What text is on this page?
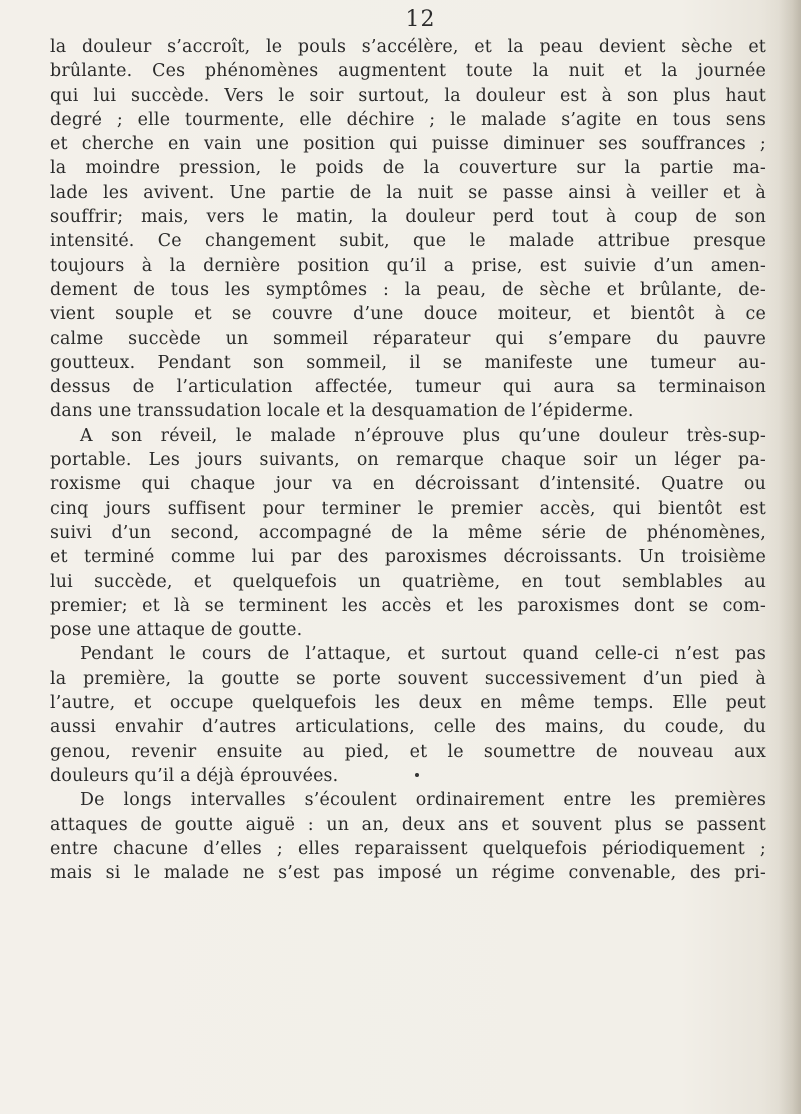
12
la douleur s’accroît, le pouls s’accélère, et la peau devient sèche et
brûlante. Ces phénomènes augmentent toute la nuit et la journée
qui lui succède. Vers le soir surtout, la douleur est à son plus haut
degré ; elle tourmente, elle déchire ; le malade s’agite en tous sens
et cherche en vain une position qui puisse diminuer ses souffrances ;
la moindre pression, le poids de la couverture sur la partie ma-
lade les avivent. Une partie de la nuit se passe ainsi à veiller et à
souffrir; mais, vers le matin, la douleur perd tout à coup de son
intensité. Ce changement subit, que le malade attribue presque
toujours à la dernière position qu’il a prise, est suivie d’un amen-
dement de tous les symptômes : la peau, de sèche et brûlante, de-
vient souple et se couvre d’une douce moiteur, et bientôt à ce
calme succède un sommeil réparateur qui s’empare du pauvre
goutteux. Pendant son sommeil, il se manifeste une tumeur au-
dessus de l’articulation affectée, tumeur qui aura sa terminaison
dans une transsudation locale et la desquamation de l’épiderme.
A son réveil, le malade n’éprouve plus qu’une douleur très-sup-
portable. Les jours suivants, on remarque chaque soir un léger pa-
roxisme qui chaque jour va en décroissant d’intensité. Quatre ou
cinq jours suffisent pour terminer le premier accès, qui bientôt est
suivi d’un second, accompagné de la même série de phénomènes,
et terminé comme lui par des paroxismes décroissants. Un troisième
lui succède, et quelquefois un quatrième, en tout semblables au
premier; et là se terminent les accès et les paroxismes dont se com-
pose une attaque de goutte.
Pendant le cours de l’attaque, et surtout quand celle-ci n’est pas
la première, la goutte se porte souvent successivement d’un pied à
l’autre, et occupe quelquefois les deux en même temps. Elle peut
aussi envahir d’autres articulations, celle des mains, du coude, du
genou, revenir ensuite au pied, et le soumettre de nouveau aux
douleurs qu’il a déjà éprouvées.
De longs intervalles s’écoulent ordinairement entre les premières
attaques de goutte aiguë : un an, deux ans et souvent plus se passent
entre chacune d’elles ; elles reparaissent quelquefois périodiquement ;
mais si le malade ne s’est pas imposé un régime convenable, des pri-
